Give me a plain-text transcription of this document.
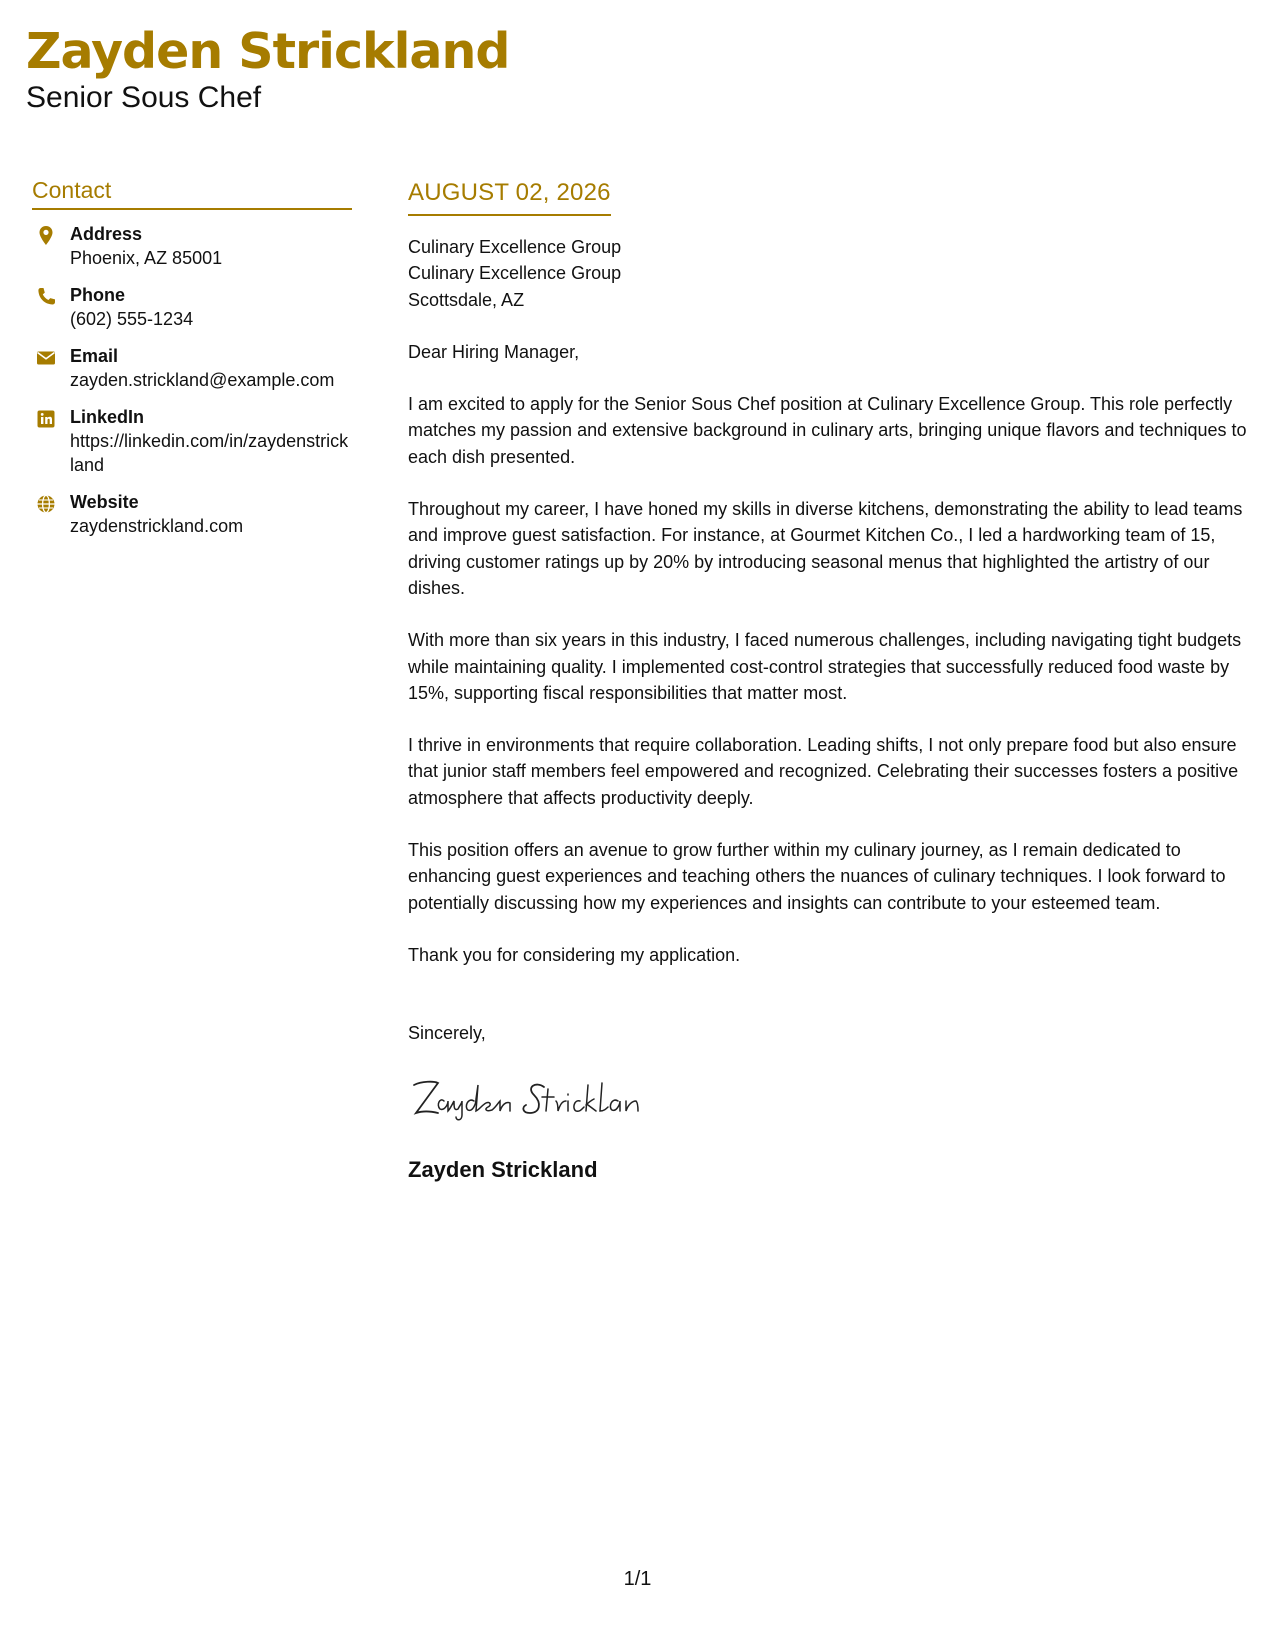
Zayden Strickland
Senior Sous Chef
Contact
Address
Phoenix, AZ 85001
Phone
(602) 555-1234
Email
zayden.strickland@example.com
LinkedIn
https://linkedin.com/in/zaydenstrickland
Website
zaydenstrickland.com
AUGUST 02, 2026
Culinary Excellence Group
Culinary Excellence Group
Scottsdale, AZ
Dear Hiring Manager,

I am excited to apply for the Senior Sous Chef position at Culinary Excellence Group. This role perfectly matches my passion and extensive background in culinary arts, bringing unique flavors and techniques to each dish presented.

Throughout my career, I have honed my skills in diverse kitchens, demonstrating the ability to lead teams and improve guest satisfaction. For instance, at Gourmet Kitchen Co., I led a hardworking team of 15, driving customer ratings up by 20% by introducing seasonal menus that highlighted the artistry of our dishes.

With more than six years in this industry, I faced numerous challenges, including navigating tight budgets while maintaining quality. I implemented cost-control strategies that successfully reduced food waste by 15%, supporting fiscal responsibilities that matter most.

I thrive in environments that require collaboration. Leading shifts, I not only prepare food but also ensure that junior staff members feel empowered and recognized. Celebrating their successes fosters a positive atmosphere that affects productivity deeply.

This position offers an avenue to grow further within my culinary journey, as I remain dedicated to enhancing guest experiences and teaching others the nuances of culinary techniques. I look forward to potentially discussing how my experiences and insights can contribute to your esteemed team.

Thank you for considering my application.

Sincerely,
Zayden Strickland
1/1
